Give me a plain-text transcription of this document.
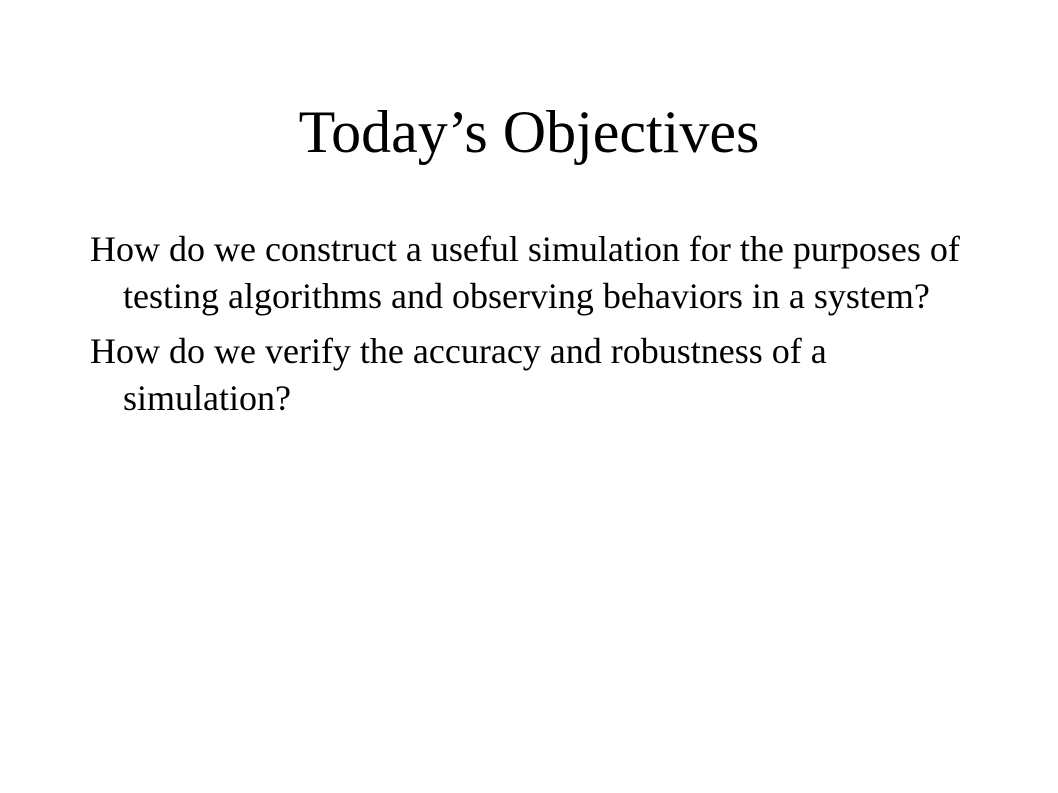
Today’s Objectives
How do we construct a useful simulation for the purposes of testing algorithms and observing behaviors in a system?
How do we verify the accuracy and robustness of a simulation?
